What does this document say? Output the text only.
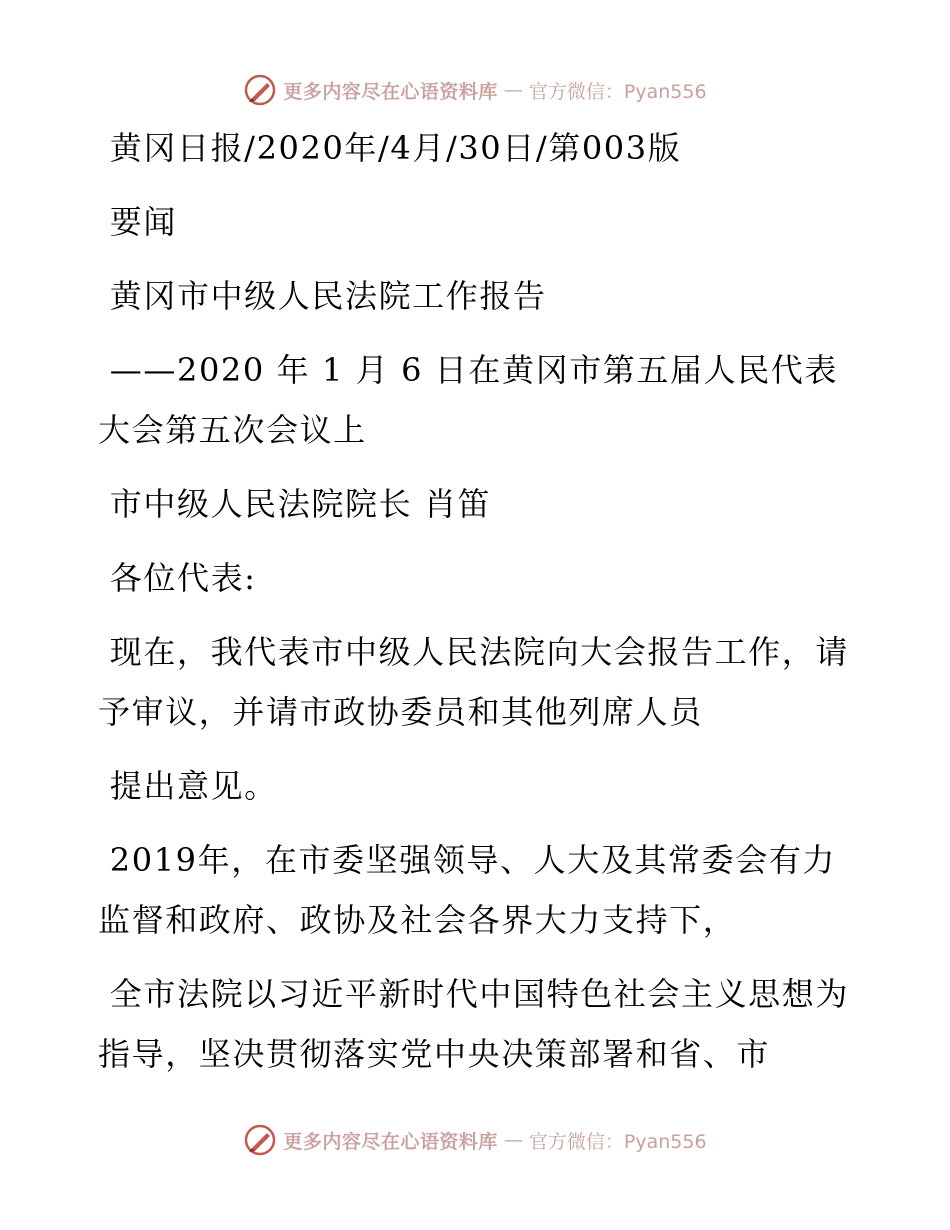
更多内容尽在心语资料库 — 官方微信：Pyan556

黄冈日报/2020年/4月/30日/第003版

要闻

黄冈市中级人民法院工作报告

——2020 年 1 月 6 日在黄冈市第五届人民代表大会第五次会议上

市中级人民法院院长 肖笛

各位代表:

现在，我代表市中级人民法院向大会报告工作，请予审议，并请市政协委员和其他列席人员

提出意见。

2019年，在市委坚强领导、人大及其常委会有力监督和政府、政协及社会各界大力支持下，

全市法院以习近平新时代中国特色社会主义思想为指导，坚决贯彻落实党中央决策部署和省、市

更多内容尽在心语资料库 — 官方微信：Pyan556
